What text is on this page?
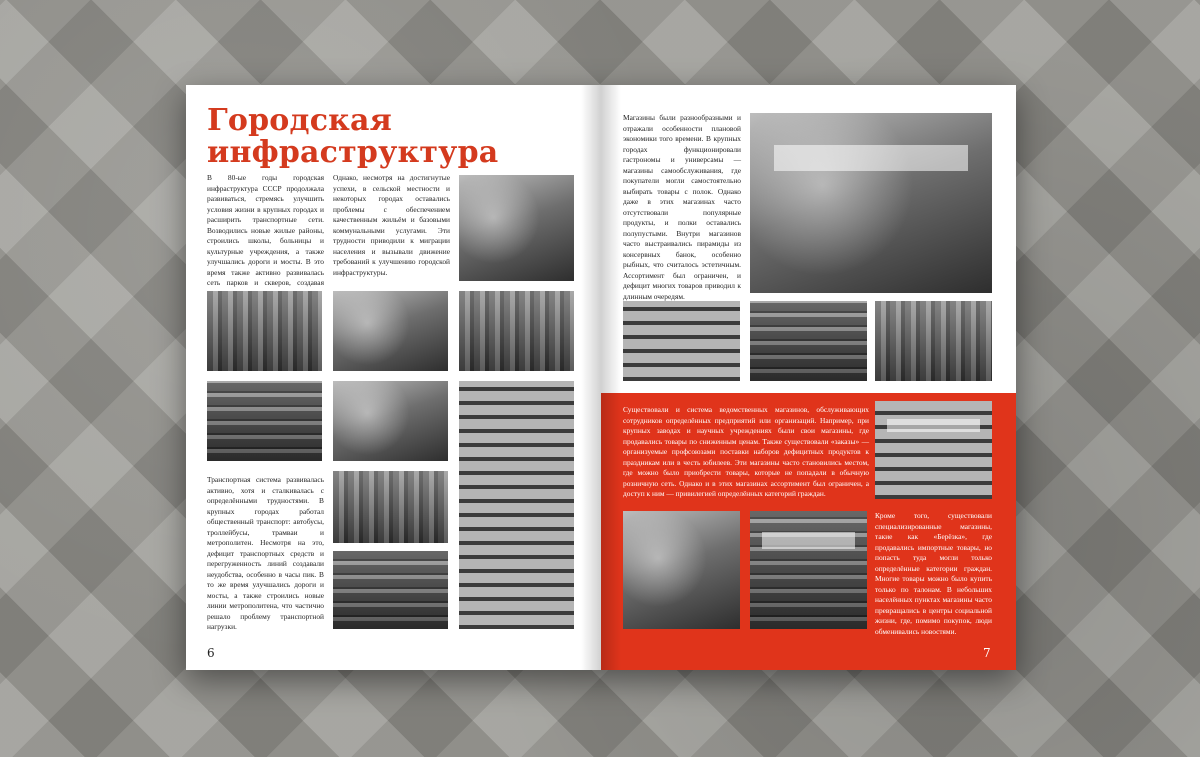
Городская инфраструктура

В 80-ые годы городская инфраструктура СССР продолжала развиваться, стремясь улучшить условия жизни в крупных городах и расширить транспортные сети. Возводились новые жилые районы, строились школы, больницы и культурные учреждения, а также улучшались дороги и мосты. В это время также активно развивалась сеть парков и скверов, создавая

Однако, несмотря на достигнутые успехи, в сельской местности и некоторых городах оставались проблемы с обеспечением качественным жильём и базовыми коммунальными услугами. Эти трудности приводили к миграции населения и вызывали движение требований к улучшению городской инфраструктуры.

Транспортная система развивалась активно, хотя и сталкивалась с определёнными трудностями. В крупных городах работал общественный транспорт: автобусы, троллейбусы, трамваи и метрополитен. Несмотря на это, дефицит транспортных средств и перегруженность линий создавали неудобства, особенно в часы пик. В то же время улучшались дороги и мосты, а также строились новые линии метрополитена, что частично решало проблему транспортной нагрузки.

6

Магазины были разнообразными и отражали особенности плановой экономики того времени. В крупных городах функционировали гастрономы и универсамы — магазины самообслуживания, где покупатели могли самостоятельно выбирать товары с полок. Однако даже в этих магазинах часто отсутствовали популярные продукты, и полки оставались полупустыми. Внутри магазинов часто выстраивались пирамиды из консервных банок, особенно рыбных, что считалось эстетичным. Ассортимент был ограничен, и дефицит многих товаров приводил к длинным очередям.

Существовали и система ведомственных магазинов, обслуживающих сотрудников определённых предприятий или организаций. Например, при крупных заводах и научных учреждениях были свои магазины, где продавались товары по сниженным ценам. Также существовали «заказы» — организуемые профсоюзами поставки наборов дефицитных продуктов к праздникам или в честь юбилеев. Эти магазины часто становились местом, где можно было приобрести товары, которые не попадали в обычную розничную сеть. Однако и в этих магазинах ассортимент был ограничен, а доступ к ним — привилегией определённых категорий граждан.

Кроме того, существовали специализированные магазины, такие как «Берёзка», где продавались импортные товары, но попасть туда могли только определённые категории граждан. Многие товары можно было купить только по талонам. В небольших населённых пунктах магазины часто превращались в центры социальной жизни, где, помимо покупок, люди обменивались новостями.

7
